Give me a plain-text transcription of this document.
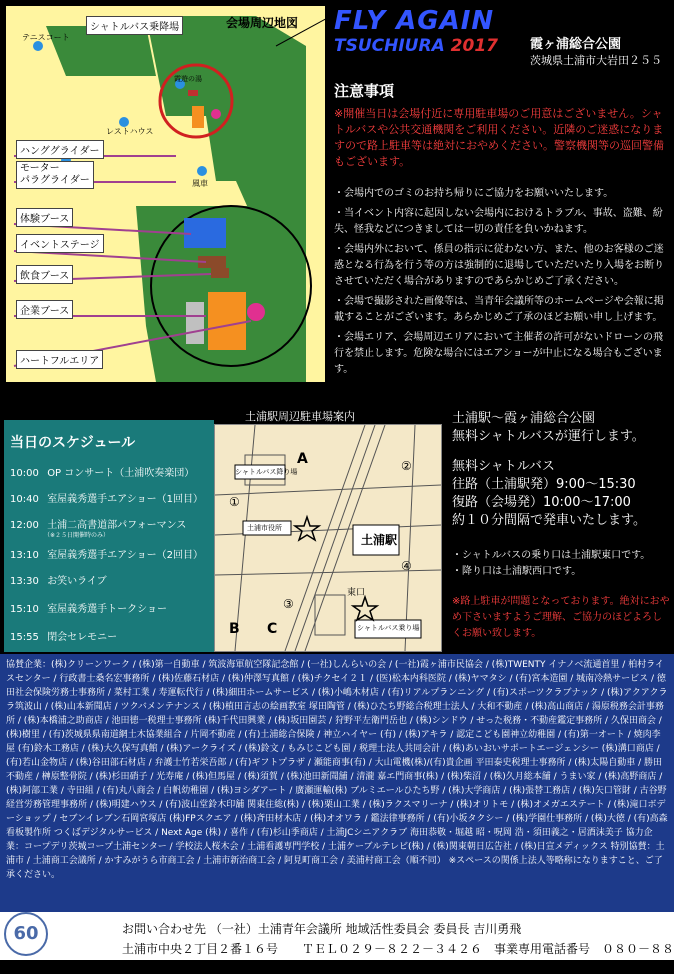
会場周辺地図
シャトルバス乗降場
テニスコート
レストハウス
霞遊の湯
風車
ハンググライダー
モーター
パラグライダー
体験ブース
イベントステージ
飲食ブース
企業ブース
ハートフルエリア
FLY AGAIN
TSUCHIURA 2017 霞ヶ浦総合公園
茨城県土浦市大岩田２５５
注意事項
※開催当日は会場付近に専用駐車場のご用意はございません。シャトルバスや公共交通機関をご利用ください。近隣のご迷惑になりますので路上駐車等は絶対におやめください。警察機関等の巡回警備もございます。

・会場内でのゴミのお持ち帰りにご協力をお願いいたします。

・当イベント内容に起因しない会場内におけるトラブル、事故、盗難、紛失、怪我などにつきましては一切の責任を負いかねます。

・会場内外において、係員の指示に従わない方、また、他のお客様のご迷惑となる行為を行う等の方は強制的に退場していただいたり入場をお断りさせていただく場合がありますのであらかじめご了承ください。

・会場で撮影された画像等は、当青年会議所等のホームページや会報に掲載することがございます。あらかじめご了承のほどお願い申し上げます。

・会場エリア、会場周辺エリアにおいて主催者の許可がないドローンの飛行を禁止します。危険な場合にはエアショーが中止になる場合もございます。

当日のスケジュール
10:00 OP コンサート（土浦吹奏楽団）
10:40 室屋義秀選手エアショー（1回目）
12:00 土浦二高書道部パフォーマンス
（※２５日開催時のみ）
13:10 室屋義秀選手エアショー（2回目）
13:30 お笑いライブ
15:10 室屋義秀選手トークショー
15:55 閉会セレモニー
土浦駅周辺駐車場案内
シャトルバス降り場
土浦市役所
土浦駅
東口
シャトルバス乗り場
A
B C
①
②
③
④
土浦駅～霞ヶ浦総合公園
無料シャトルバスが運行します。
無料シャトルバス
往路（土浦駅発）9:00～15:30
復路（会場発）10:00～17:00
約１０分間隔で発車いたします。
・シャトルバスの乗り口は土浦駅東口です。
・降り口は土浦駅西口です。
※路上駐車が問題となっております。絶対におやめ下さいますようご理解、ご協力のほどよろしくお願い致します。
協賛企業：(株)クリーンワーク / (株)第一自動車 / 筑波海軍航空隊記念館 / (一社)しんらいの会 / (一社)霞ヶ浦市民協会 / (株)TWENTY イナノベ流通首里 / 柏村ライスセンター / 行政書士桑名宏事務所 / (株)佐藤石材店 / (株)仲澤写真館 / (株)チクセイ２１ / (医)松本内科医院 / (株)ヤマタシ / (有)宮本造園 / 城南冷熱サービス / 徳田社会保険労務士事務所 / 菜村工業 / 寿運転代行 / (株)細田ホームサービス / (株)小嶋木材店 / (有)リアルプランニング / (有)スポーツクラブナック / (株)アクアクララ筑波山 / (株)山本新聞店 / ツクバメンテナンス / (株)植田言志の絵画教室 塚田陶管 / (株)ひたち野総合税理士法人 / 大和不動産 / (株)高山商店 / 湯原税務会計事務所 / (株)本橋浦之助商店 / 池田徳一税理士事務所 (株)千代田興業 / (株)坂田園芸 / 狩野平左衛門岳也 / (株)シンドウ / せった税務・不動産鑑定事務所 / 久保田商会 / (株)樹里 / (有)茨城県県南道網土木協業組合 / 片岡不動産 / (有)土浦総合保険 / 神立ハイヤー (有) / (株)アキラ / 認定こども園神立幼稚園 / (有)第一オート / 焼肉李屋 (有)鈴木工務店 / (株)大久保写真館 / (株)アークライズ / (株)鈴文 / もみじこども園 / 税理士法人共同会計 / (株)あいおいサポートエージェンシー (株)溝口商店 / (有)若山金物店 / (株)谷田部石材店 / 弁護士竹若栄吾郎 / (有)ギフトプラザ / 瀬能商事(有) / 大山電機(株)/(有)貴企画 平田泰史税理士事務所 / (株)太陽自動車 / 勝田不動産 / 榊原整骨院 / (株)杉田硝子 / 光寿庵 / (株)但馬屋 / (株)須賀 / (株)池田新聞舗 / 清瀧 嘉エ門商事(株) / (株)柴沼 / (株)久月総本舗 / うまい家 / (株)高野商店 / (株)阿部工業 / 寺田組 / (有)丸八商会 / 白帆幼稚園 / (株)ヨシダアート / 廣瀬運輸(株) ブルミエールひたち野 / (株)大学商店 / (株)張替工務店 / (株)矢口管財 / 古谷野経営労務管理事務所 / (株)明建ハウス / (有)波山堂鈴木印舗 関東住総(株) / (株)栗山工業 / (株)ラクスマリーナ / (株)オリトモ / (株)オメガエステート / (株)滝口ボデーショップ / セブンイレブン石岡宮塚店 (株)FPスクエア / (株)斉田材木店 / (株)オオワラ / 鑑法律事務所 / (有)小坂タクシー / (株)学園仕事務所 / (株)大徳 / (有)高森看板製作所 つくばデジタルサービス / Next Age (株) / 喜作 / (有)杉山季商店 / 土浦JCシニアクラブ 海田恭敬・堀越 昭・呪岡 浩・須田義之・居酒沫美子 協力企業：コープデリ茨城コープ土浦センター / 学校法人桜木会 / 土浦看護専門学校 / 土浦ケーブルテレビ(株) / (株)関東朝日広告社 / (株)日宣メディックス 特別協賛：土浦市 / 土浦商工会議所 / かすみがうら市商工会 / 土浦市新治商工会 / 阿見町商工会 / 美浦村商工会（順不同） ※スペースの関係上法人等略称になりますこと、ご了承ください。
60	お問い合わせ先 （一社）土浦青年会議所 地域活性委員会 委員長 吉川勇飛
土浦市中央２丁目２番１６号　　ＴＥＬ０２９－８２２－３４２６　事業専用電話番号　０８０－８８２２－８３２０
